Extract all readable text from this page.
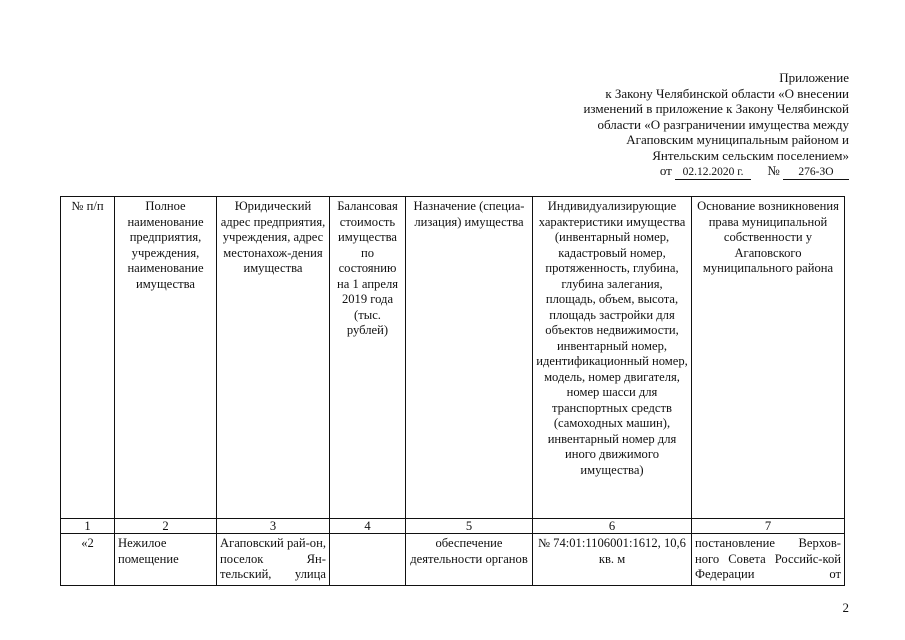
Приложение
к Закону Челябинской области «О внесении
изменений в приложение к Закону Челябинской
области «О разграничении имущества между
Агаповским муниципальным районом и
Янтельским сельским поселением»
от 02.12.2020 г. № 276-ЗО
№ п/п	Полное наименование предприятия, учреждения, наименование имущества	Юридический адрес предприятия, учреждения, адрес местонахож-дения имущества	Балансовая стоимость имущества по состоянию на 1 апреля 2019 года (тыс. рублей)	Назначение (специа-лизация) имущества	Индивидуализирующие характеристики имущества (инвентарный номер, кадастровый номер, протяженность, глубина, глубина залегания, площадь, объем, высота, площадь застройки для объектов недвижимости, инвентарный номер, идентификационный номер, модель, номер двигателя, номер шасси для транспортных средств (самоходных машин), инвентарный номер для иного движимого имущества)	Основание возникновения права муниципальной собственности у Агаповского муниципального района
1	2	3	4	5	6	7
«2	Нежилое помещение	Агаповский рай-он, поселок Ян-тельский, улица		обеспечение деятельности органов	№ 74:01:1106001:1612, 10,6 кв. м	постановление Верхов-ного Совета Российс-кой Федерации от
2
